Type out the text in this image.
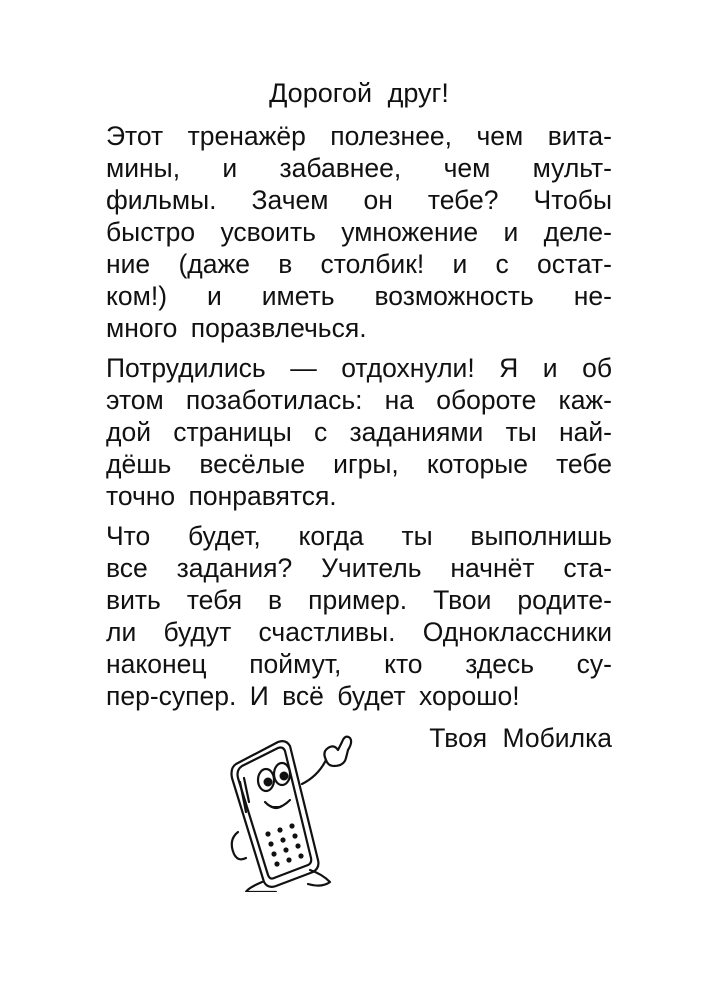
Дорогой друг!
Этот тренажёр полезнее, чем вита-
мины, и забавнее, чем мульт-
фильмы. Зачем он тебе? Чтобы
быстро усвоить умножение и деле-
ние (даже в столбик! и с остат-
ком!) и иметь возможность не-
много поразвлечься.
Потрудились — отдохнули! Я и об
этом позаботилась: на обороте каж-
дой страницы с заданиями ты най-
дёшь весёлые игры, которые тебе
точно понравятся.
Что будет, когда ты выполнишь
все задания? Учитель начнёт ста-
вить тебя в пример. Твои родите-
ли будут счастливы. Одноклассники
наконец поймут, кто здесь су-
пер-супер. И всё будет хорошо!
Твоя Мобилка
